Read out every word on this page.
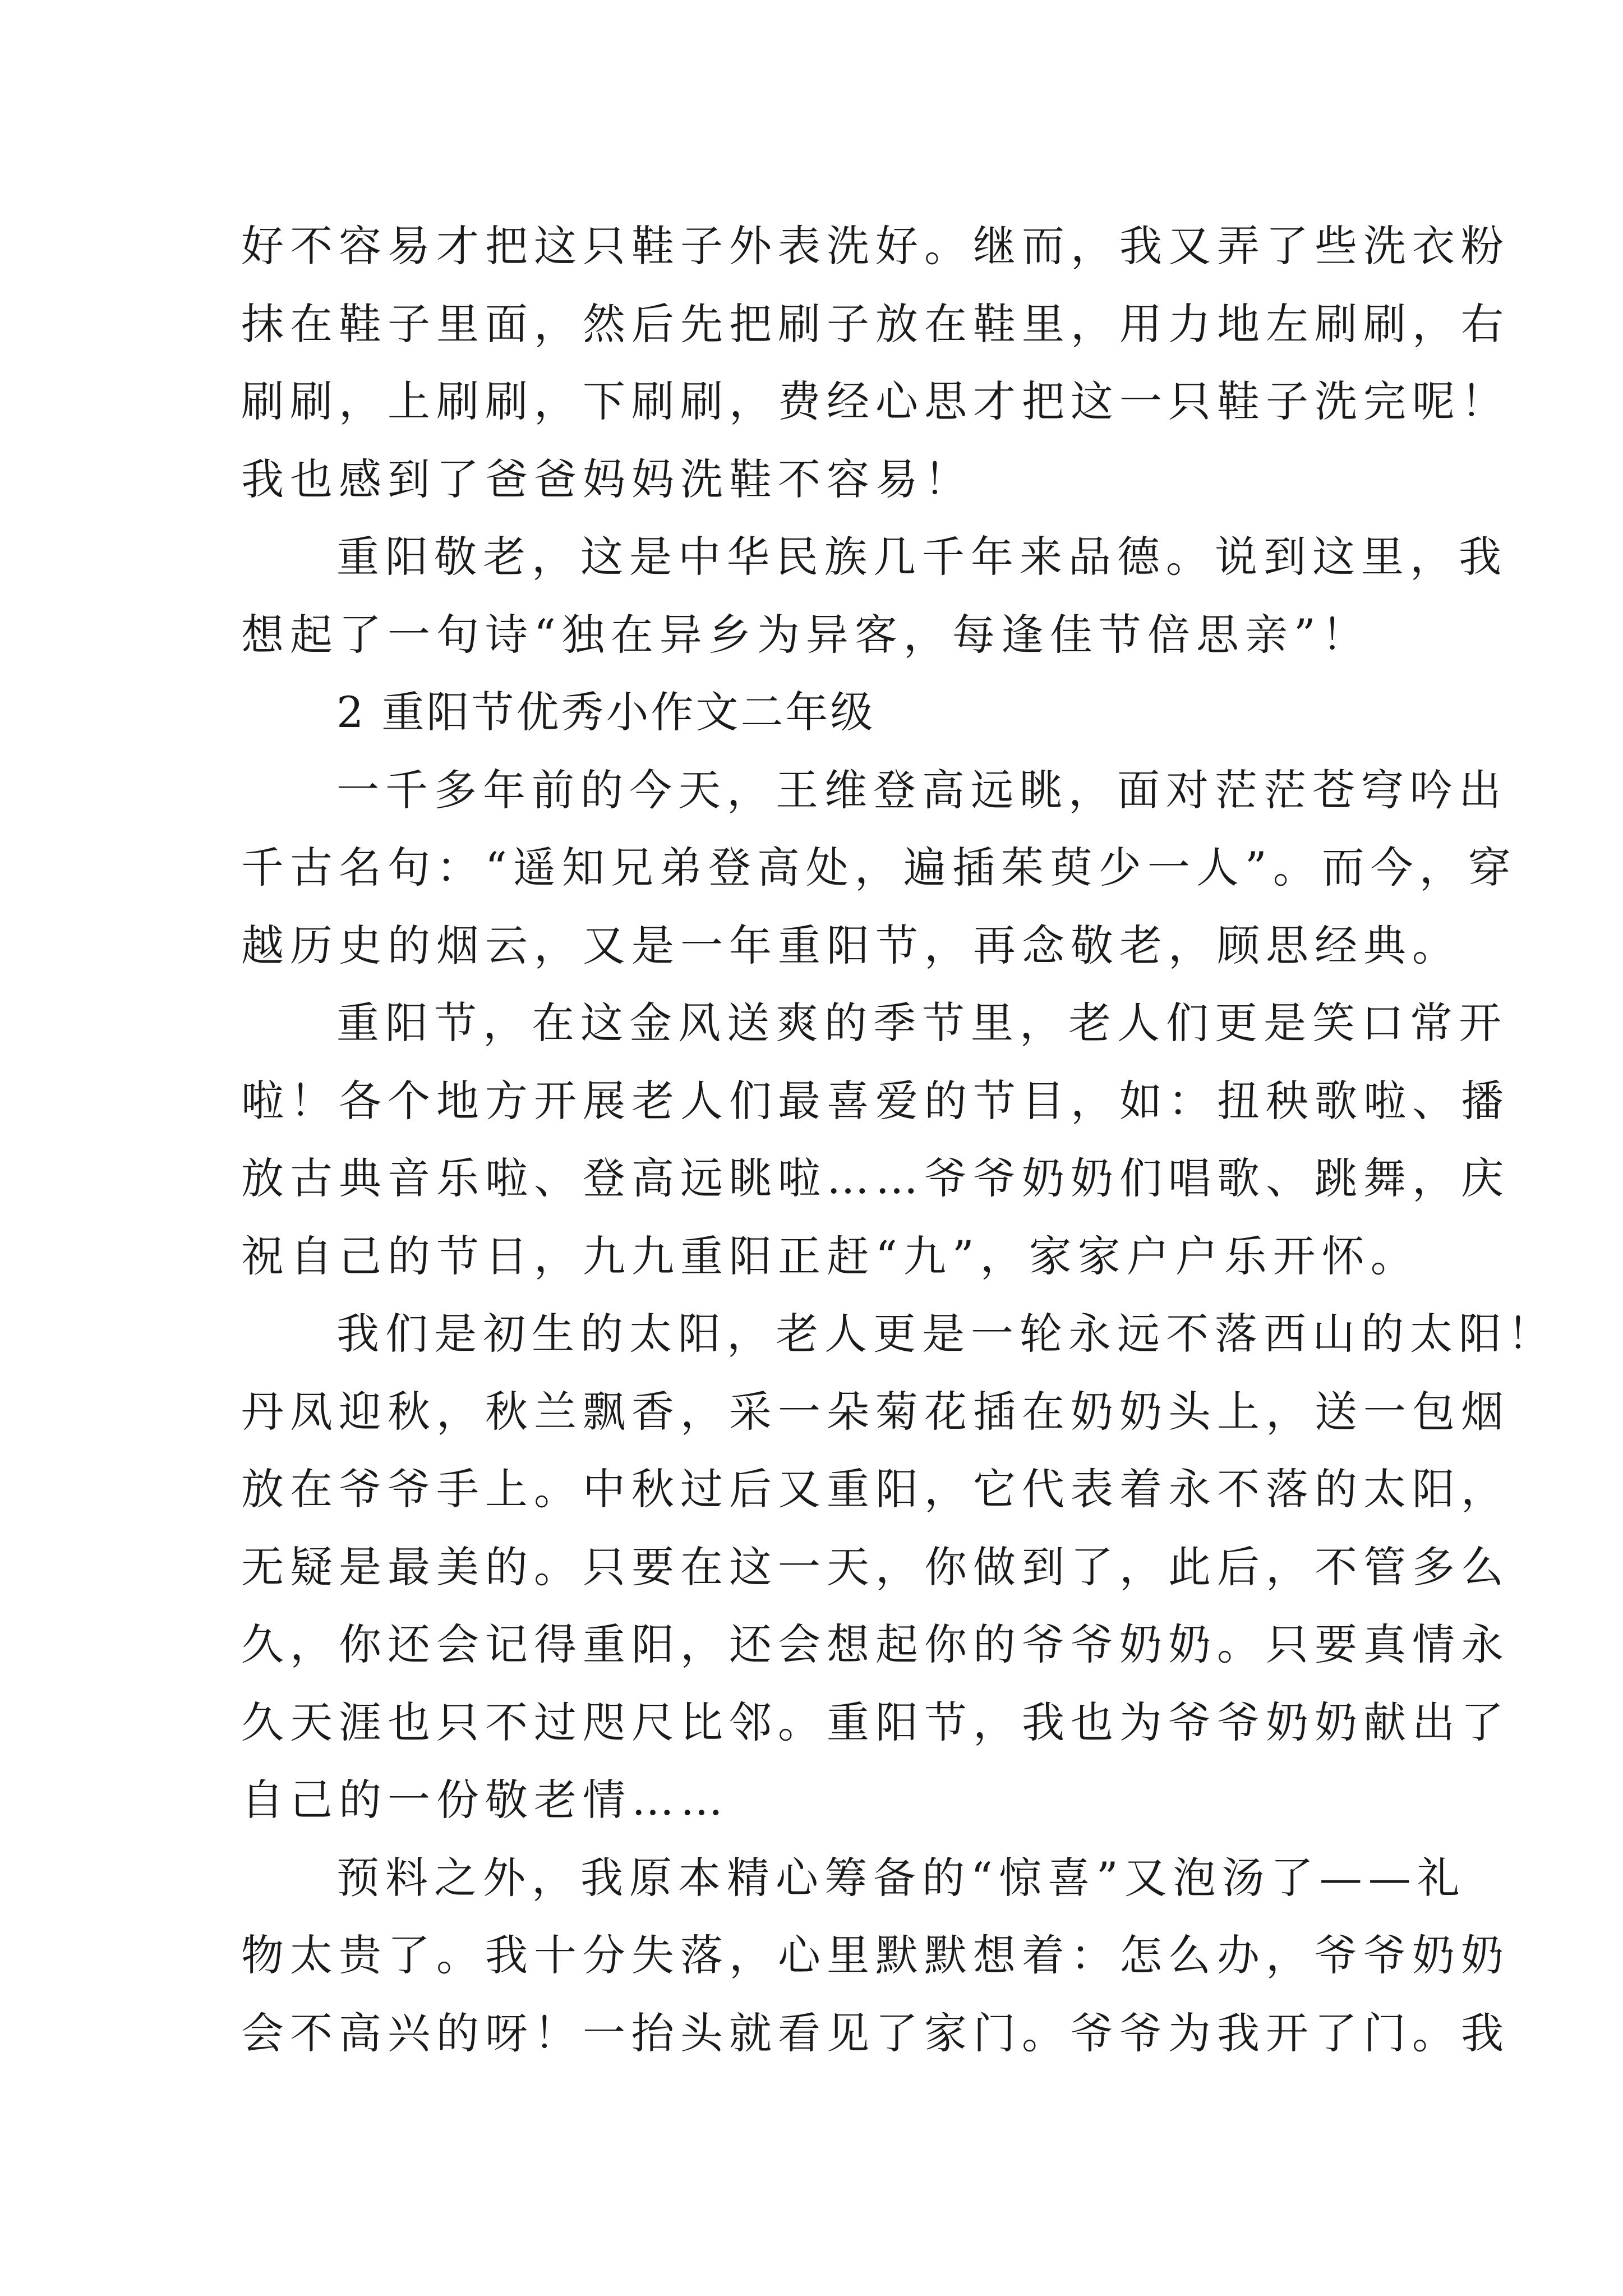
好不容易才把这只鞋子外表洗好。继而，我又弄了些洗衣粉
抹在鞋子里面，然后先把刷子放在鞋里，用力地左刷刷，右
刷刷，上刷刷，下刷刷，费经心思才把这一只鞋子洗完呢！
我也感到了爸爸妈妈洗鞋不容易！
重阳敬老，这是中华民族几千年来品德。说到这里，我
想起了一句诗“独在异乡为异客，每逢佳节倍思亲”！
2 重阳节优秀小作文二年级
一千多年前的今天，王维登高远眺，面对茫茫苍穹吟出
千古名句：“遥知兄弟登高处，遍插茱萸少一人”。而今，穿
越历史的烟云，又是一年重阳节，再念敬老，顾思经典。
重阳节，在这金风送爽的季节里，老人们更是笑口常开
啦！各个地方开展老人们最喜爱的节目，如：扭秧歌啦、播
放古典音乐啦、登高远眺啦……爷爷奶奶们唱歌、跳舞，庆
祝自己的节日，九九重阳正赶“九”，家家户户乐开怀。
我们是初生的太阳，老人更是一轮永远不落西山的太阳！
丹凤迎秋，秋兰飘香，采一朵菊花插在奶奶头上，送一包烟
放在爷爷手上。中秋过后又重阳，它代表着永不落的太阳，
无疑是最美的。只要在这一天，你做到了，此后，不管多么
久，你还会记得重阳，还会想起你的爷爷奶奶。只要真情永
久天涯也只不过咫尺比邻。重阳节，我也为爷爷奶奶献出了
自己的一份敬老情……
预料之外，我原本精心筹备的“惊喜”又泡汤了——礼
物太贵了。我十分失落，心里默默想着：怎么办，爷爷奶奶
会不高兴的呀！一抬头就看见了家门。爷爷为我开了门。我
